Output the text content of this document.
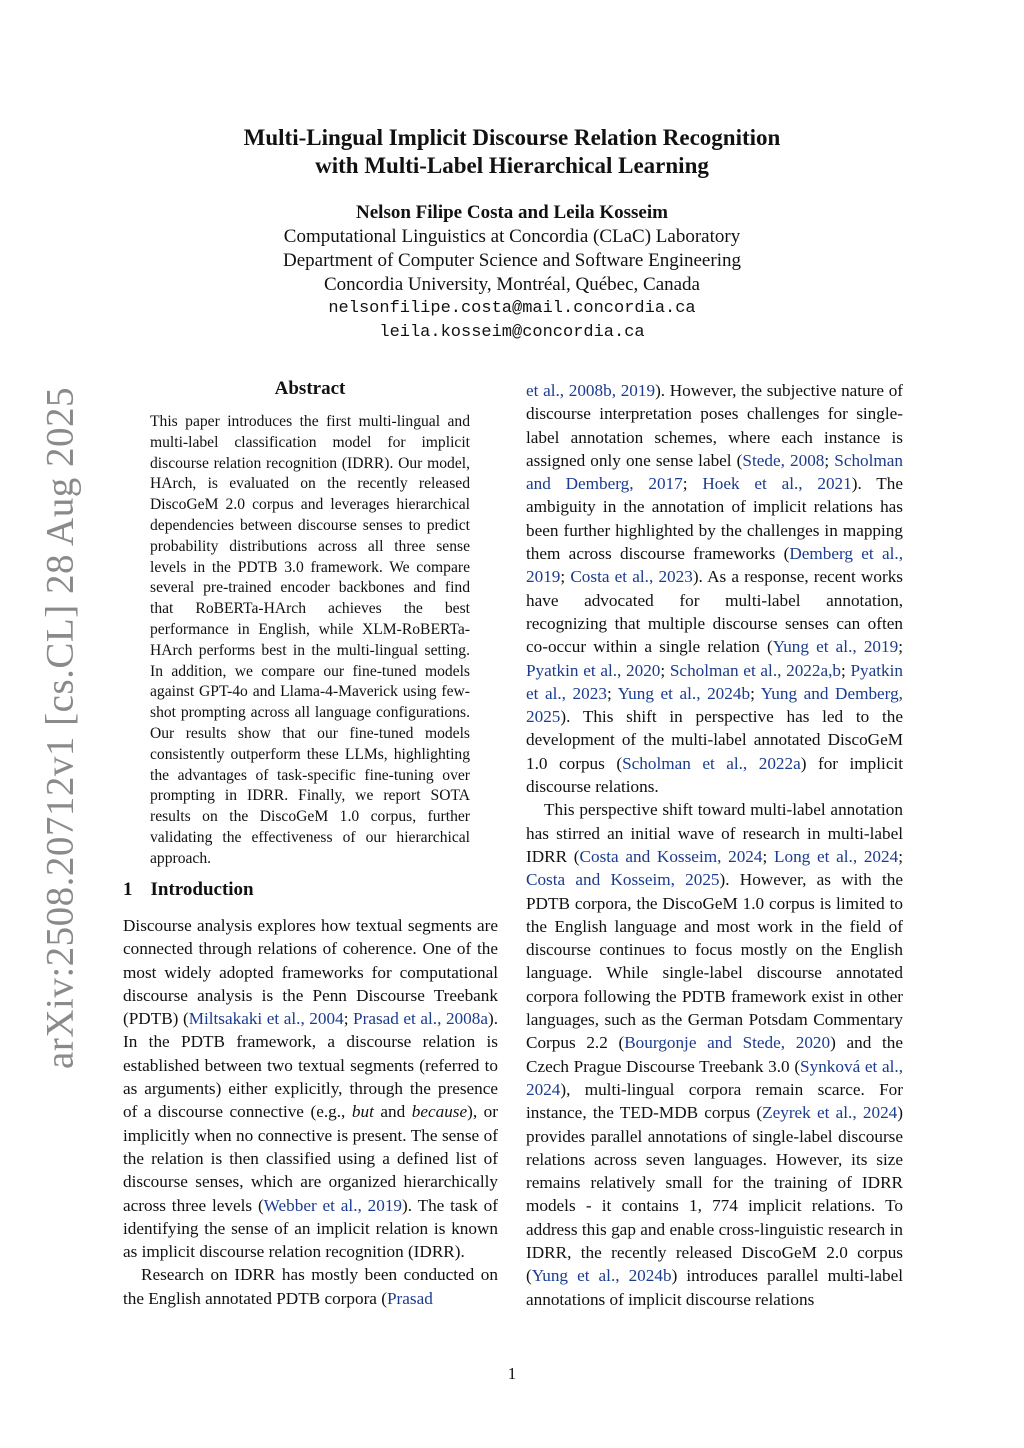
arXiv:2508.20712v1 [cs.CL] 28 Aug 2025
Multi-Lingual Implicit Discourse Relation Recognition
with Multi-Label Hierarchical Learning
Nelson Filipe Costa and Leila Kosseim
Computational Linguistics at Concordia (CLaC) Laboratory
Department of Computer Science and Software Engineering
Concordia University, Montréal, Québec, Canada
nelsonfilipe.costa@mail.concordia.ca
leila.kosseim@concordia.ca
Abstract

This paper introduces the first multi-lingual and multi-label classification model for implicit discourse relation recognition (IDRR). Our model, HArch, is evaluated on the recently released DiscoGeM 2.0 corpus and leverages hierarchical dependencies between discourse senses to predict probability distributions across all three sense levels in the PDTB 3.0 framework. We compare several pre-trained encoder backbones and find that RoBERTa-HArch achieves the best performance in English, while XLM-RoBERTa-HArch performs best in the multi-lingual setting. In addition, we compare our fine-tuned models against GPT-4o and Llama-4-Maverick using few-shot prompting across all language configurations. Our results show that our fine-tuned models consistently outperform these LLMs, highlighting the advantages of task-specific fine-tuning over prompting in IDRR. Finally, we report SOTA results on the DiscoGeM 1.0 corpus, further validating the effectiveness of our hierarchical approach.

1 Introduction

Discourse analysis explores how textual segments are connected through relations of coherence. One of the most widely adopted frameworks for computational discourse analysis is the Penn Discourse Treebank (PDTB) (Miltsakaki et al., 2004; Prasad et al., 2008a). In the PDTB framework, a discourse relation is established between two textual segments (referred to as arguments) either explicitly, through the presence of a discourse connective (e.g., but and because), or implicitly when no connective is present. The sense of the relation is then classified using a defined list of discourse senses, which are organized hierarchically across three levels (Webber et al., 2019). The task of identifying the sense of an implicit relation is known as implicit discourse relation recognition (IDRR).

Research on IDRR has mostly been conducted on the English annotated PDTB corpora (Prasad

et al., 2008b, 2019). However, the subjective nature of discourse interpretation poses challenges for single-label annotation schemes, where each instance is assigned only one sense label (Stede, 2008; Scholman and Demberg, 2017; Hoek et al., 2021). The ambiguity in the annotation of implicit relations has been further highlighted by the challenges in mapping them across discourse frameworks (Demberg et al., 2019; Costa et al., 2023). As a response, recent works have advocated for multi-label annotation, recognizing that multiple discourse senses can often co-occur within a single relation (Yung et al., 2019; Pyatkin et al., 2020; Scholman et al., 2022a,b; Pyatkin et al., 2023; Yung et al., 2024b; Yung and Demberg, 2025). This shift in perspective has led to the development of the multi-label annotated DiscoGeM 1.0 corpus (Scholman et al., 2022a) for implicit discourse relations.

This perspective shift toward multi-label annotation has stirred an initial wave of research in multi-label IDRR (Costa and Kosseim, 2024; Long et al., 2024; Costa and Kosseim, 2025). However, as with the PDTB corpora, the DiscoGeM 1.0 corpus is limited to the English language and most work in the field of discourse continues to focus mostly on the English language. While single-label discourse annotated corpora following the PDTB framework exist in other languages, such as the German Potsdam Commentary Corpus 2.2 (Bourgonje and Stede, 2020) and the Czech Prague Discourse Treebank 3.0 (Synková et al., 2024), multi-lingual corpora remain scarce. For instance, the TED-MDB corpus (Zeyrek et al., 2024) provides parallel annotations of single-label discourse relations across seven languages. However, its size remains relatively small for the training of IDRR models - it contains 1, 774 implicit relations. To address this gap and enable cross-linguistic research in IDRR, the recently released DiscoGeM 2.0 corpus (Yung et al., 2024b) introduces parallel multi-label annotations of implicit discourse relations

1
